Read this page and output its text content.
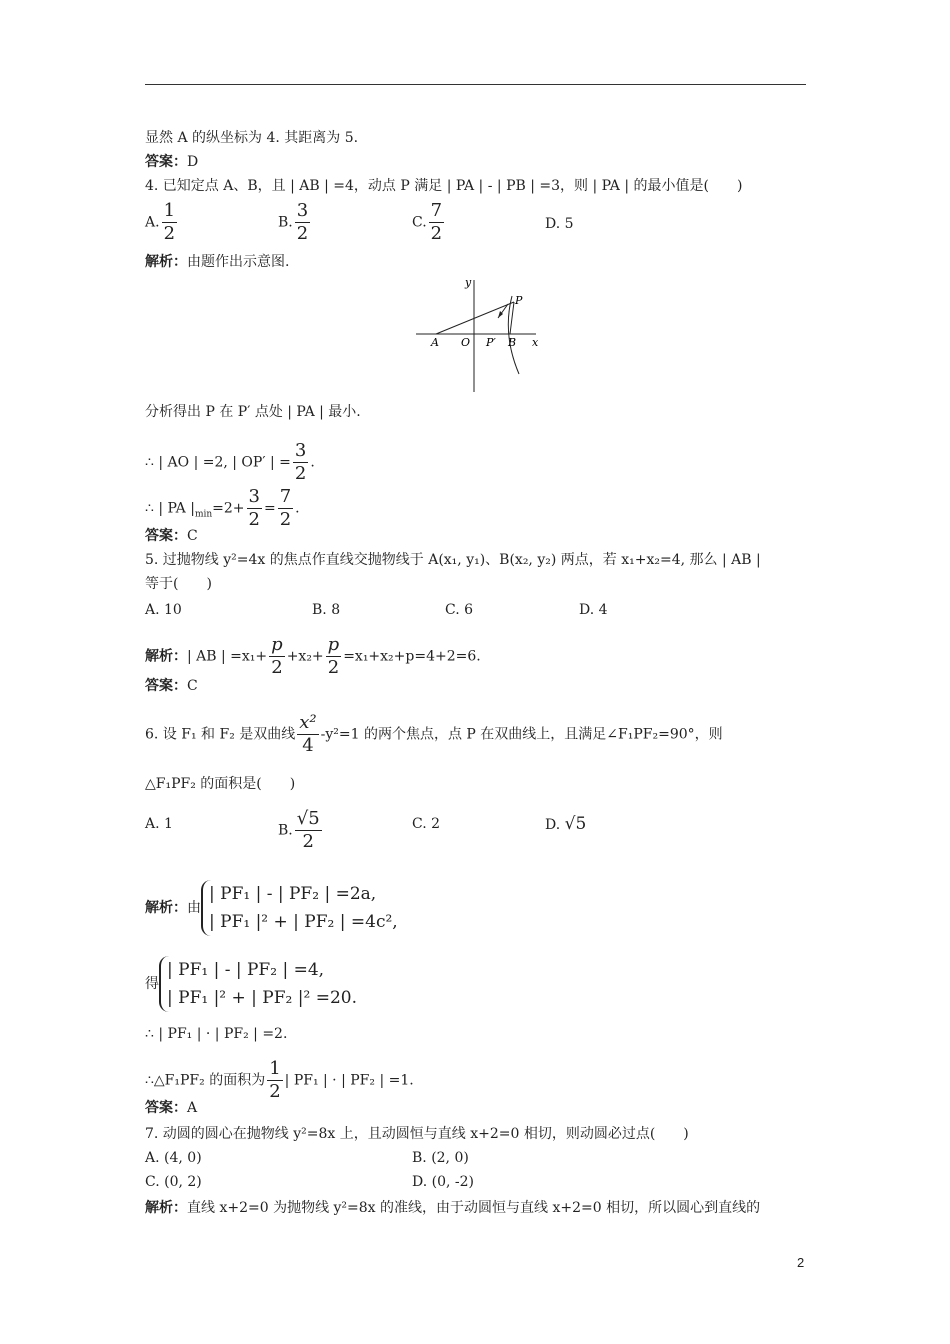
显然 A 的纵坐标为 4. 其距离为 5.
答案：D
4. 已知定点 A、B，且 | AB | =4，动点 P 满足 | PA | - | PB | =3，则 | PA | 的最小值是(　　)
A. $\frac{1}{2}$	B. $\frac{3}{2}$	C. $\frac{7}{2}$	D. 5
解析：由题作出示意图.
y
x
A O P′ B
P
分析得出 P 在 P′ 点处 | PA | 最小.
∴ | AO | =2, | OP′ | = $\frac{3}{2}$ .
∴ | PA $|_{min}=2+ \frac{3}{2} = \frac{7}{2}$ .
答案：C
5. 过抛物线 y²=4x 的焦点作直线交抛物线于 A(x₁, y₁)、B(x₂, y₂) 两点，若 x₁+x₂=4, 那么 | AB |
等于(　　)
A. 10	B. 8	C. 6	D. 4
解析：| AB | $=x_1+ \frac{p}{2} +x_2+ \frac{p}{2} =x_1+x_2+p=4+2=6$.
答案：C
6. 设 F₁ 和 F₂ 是双曲线 $\frac{\text{x²}}{4} -y^2=1$ 的两个焦点，点 P 在双曲线上，且满足∠F₁PF₂=90°，则
△F₁PF₂ 的面积是(　　)
A. 1	B. $\frac{√5}{2}$	C. 2	D. √5
解析：由
| PF₁ | - | PF₂ | =2a,
| PF₁ |² + | PF₂ | =4c²,
得
| PF₁ | - | PF₂ | =4,
| PF₁ |² + | PF₂ |² =20.
∴ | PF₁ | · | PF₂ | =2.
∴△F₁PF₂ 的面积为 $\frac{1}{2}$ | PF₁ | · | PF₂ | =1.
答案：A
7. 动圆的圆心在抛物线 y²=8x 上，且动圆恒与直线 x+2=0 相切，则动圆必过点(　　)
A. (4, 0)	B. (2, 0)
C. (0, 2)	D. (0, -2)
解析：直线 x+2=0 为抛物线 y²=8x 的准线，由于动圆恒与直线 x+2=0 相切，所以圆心到直线的
2
